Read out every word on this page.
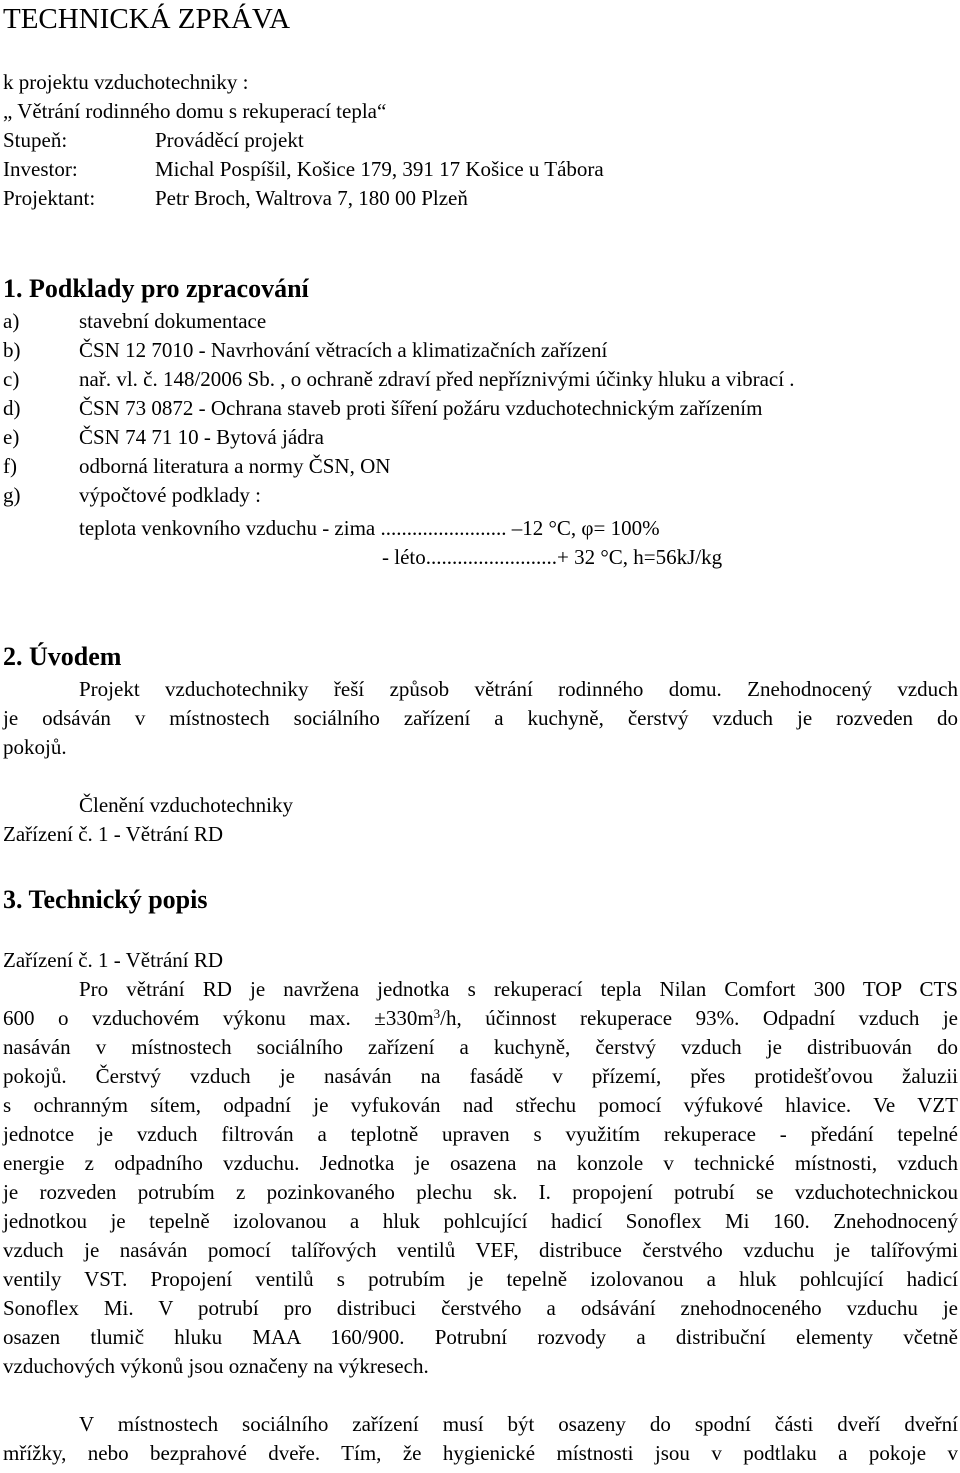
TECHNICKÁ ZPRÁVA
k projektu vzduchotechniky :
„ Větrání rodinného domu s rekuperací tepla“
Stupeň:	Prováděcí projekt
Investor:	Michal Pospíšil, Košice 179, 391 17 Košice u Tábora
Projektant:	Petr Broch, Waltrova 7, 180 00 Plzeň
1. Podklady pro zpracování
a)	stavební dokumentace
b)	ČSN 12 7010 - Navrhování větracích a klimatizačních zařízení
c)	nař. vl. č. 148/2006 Sb. , o ochraně zdraví před nepříznivými účinky hluku a vibrací .
d)	ČSN 73 0872 - Ochrana staveb proti šíření požáru vzduchotechnickým zařízením
e)	ČSN 74 71 10 - Bytová jádra
f)	odborná literatura a normy ČSN, ON
g)	výpočtové podklady :
teplota venkovního vzduchu - zima ........................ –12 °C, φ= 100%
- léto.........................+ 32 °C, h=56kJ/kg
2. Úvodem
Projekt vzduchotechniky řeší způsob větrání rodinného domu. Znehodnocený vzduch
je odsáván v místnostech sociálního zařízení a kuchyně, čerstvý vzduch je rozveden do
pokojů.
Členění vzduchotechniky
Zařízení č. 1 - Větrání RD
3. Technický popis
Zařízení č. 1 - Větrání RD
Pro větrání RD je navržena jednotka s rekuperací tepla Nilan Comfort 300 TOP CTS
600 o vzduchovém výkonu max. $\pm 330m^3/h$, účinnost rekuperace 93%. Odpadní vzduch je
nasáván v místnostech sociálního zařízení a kuchyně, čerstvý vzduch je distribuován do
pokojů. Čerstvý vzduch je nasáván na fasádě v přízemí, přes protidešťovou žaluzii
s ochranným sítem, odpadní je vyfukován nad střechu pomocí výfukové hlavice. Ve VZT
jednotce je vzduch filtrován a teplotně upraven s využitím rekuperace - předání tepelné
energie z odpadního vzduchu. Jednotka je osazena na konzole v technické místnosti, vzduch
je rozveden potrubím z pozinkovaného plechu sk. I. propojení potrubí se vzduchotechnickou
jednotkou je tepelně izolovanou a hluk pohlcující hadicí Sonoflex Mi 160. Znehodnocený
vzduch je nasáván pomocí talířových ventilů VEF, distribuce čerstvého vzduchu je talířovými
ventily VST. Propojení ventilů s potrubím je tepelně izolovanou a hluk pohlcující hadicí
Sonoflex Mi. V potrubí pro distribuci čerstvého a odsávání znehodnoceného vzduchu je
osazen tlumič hluku MAA 160/900. Potrubní rozvody a distribuční elementy včetně
vzduchových výkonů jsou označeny na výkresech.
V místnostech sociálního zařízení musí být osazeny do spodní části dveří dveřní
mřížky, nebo bezprahové dveře. Tím, že hygienické místnosti jsou v podtlaku a pokoje v
